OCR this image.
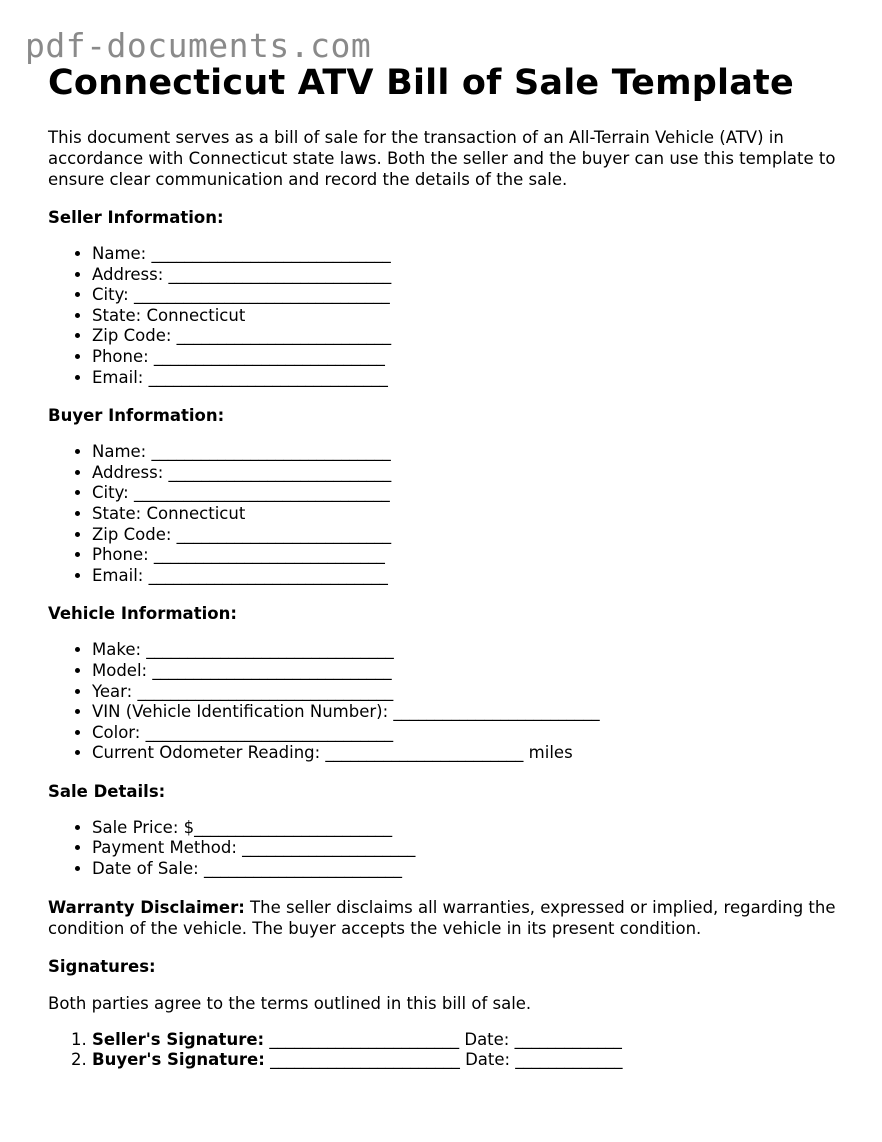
pdf-documents.com
Connecticut ATV Bill of Sale Template

This document serves as a bill of sale for the transaction of an All-Terrain Vehicle (ATV) in accordance with Connecticut state laws. Both the seller and the buyer can use this template to ensure clear communication and record the details of the sale.

Seller Information:
• Name: _____________________________
• Address: ___________________________
• City: _______________________________
• State: Connecticut
• Zip Code: __________________________
• Phone: ____________________________
• Email: _____________________________
Buyer Information:
• Name: _____________________________
• Address: ___________________________
• City: _______________________________
• State: Connecticut
• Zip Code: __________________________
• Phone: ____________________________
• Email: _____________________________
Vehicle Information:
• Make: ______________________________
• Model: _____________________________
• Year: _______________________________
• VIN (Vehicle Identification Number): _________________________
• Color: ______________________________
• Current Odometer Reading: ________________________ miles
Sale Details:
• Sale Price: $________________________
• Payment Method: _____________________
• Date of Sale: ________________________

Warranty Disclaimer: The seller disclaims all warranties, expressed or implied, regarding the condition of the vehicle. The buyer accepts the vehicle in its present condition.

Signatures:

Both parties agree to the terms outlined in this bill of sale.

1. Seller's Signature: _______________________ Date: _____________
2. Buyer's Signature: _______________________ Date: _____________
